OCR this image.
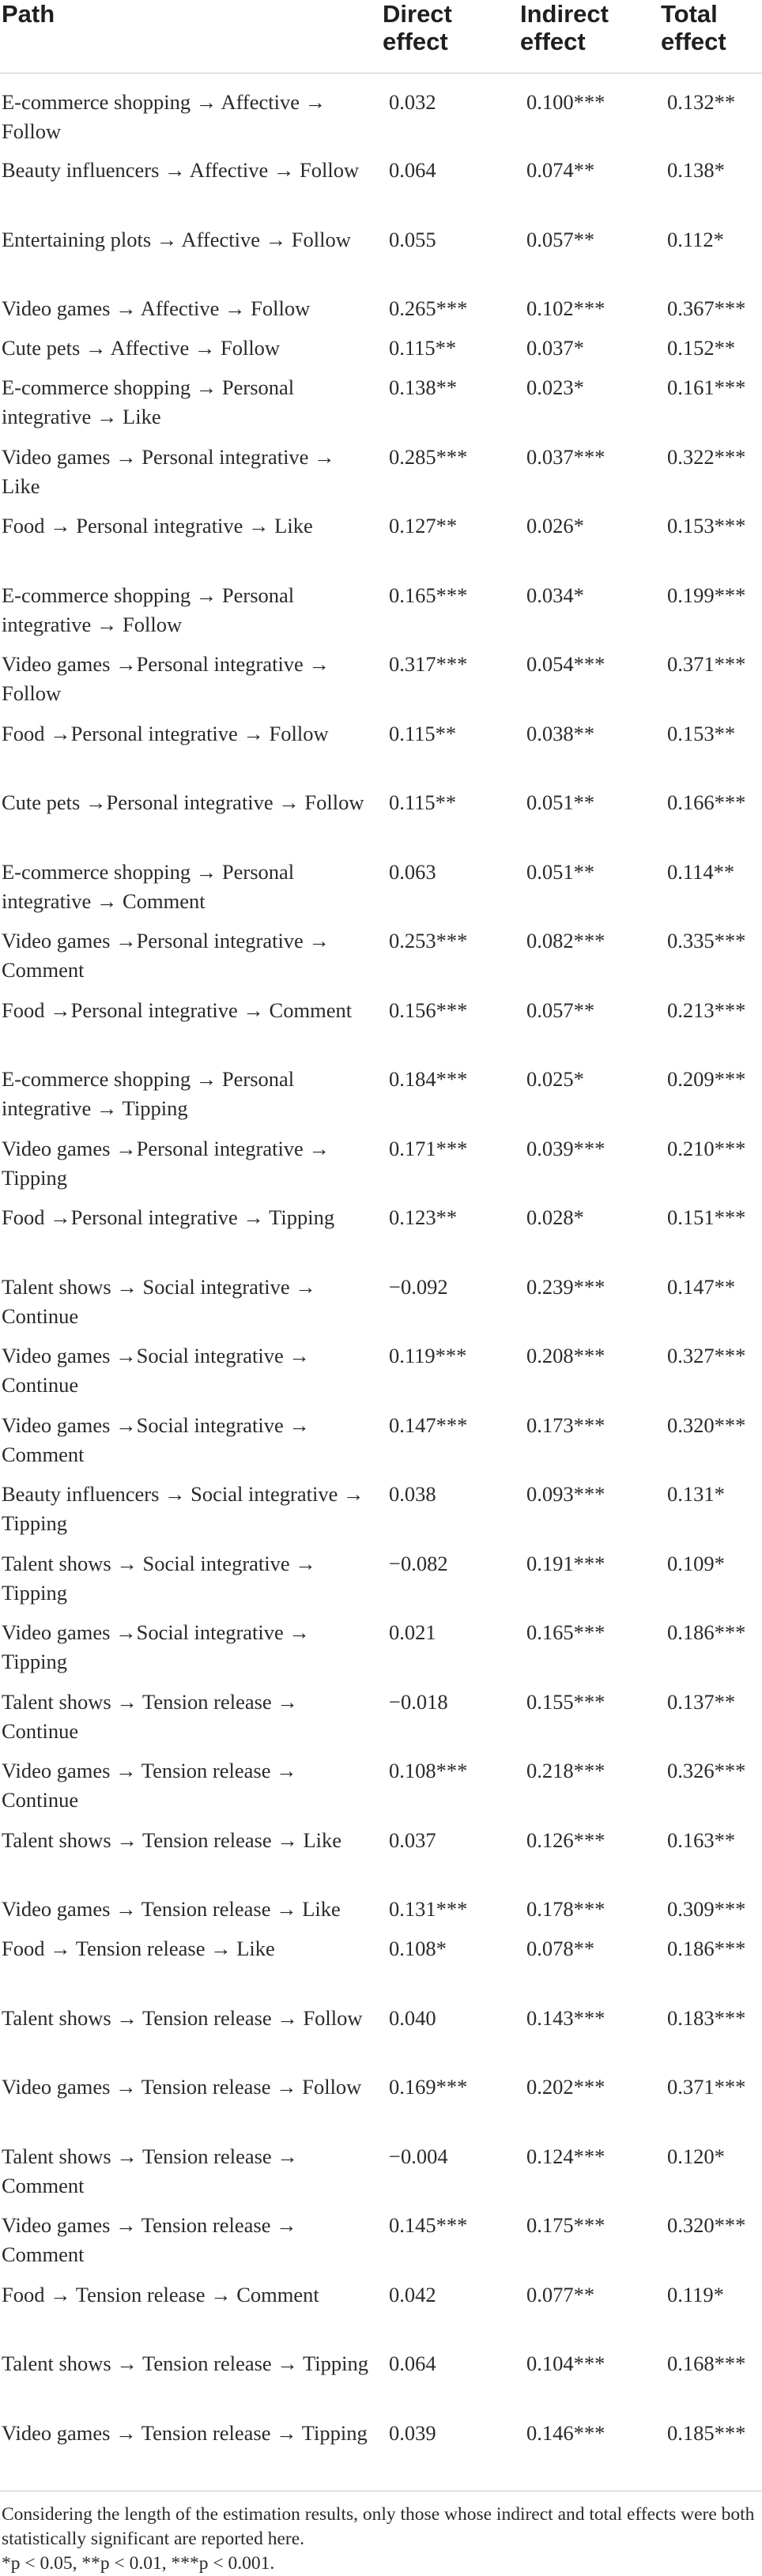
Path	Direct effect	Indirect effect	Total effect
E-commerce shopping → Affective → Follow	0.032	0.100***	0.132**
Beauty influencers → Affective → Follow	0.064	0.074**	0.138*
Entertaining plots → Affective → Follow	0.055	0.057**	0.112*
Video games → Affective → Follow	0.265***	0.102***	0.367***
Cute pets → Affective → Follow	0.115**	0.037*	0.152**
E-commerce shopping → Personal integrative → Like	0.138**	0.023*	0.161***
Video games → Personal integrative → Like	0.285***	0.037***	0.322***
Food → Personal integrative → Like	0.127**	0.026*	0.153***
E-commerce shopping → Personal integrative → Follow	0.165***	0.034*	0.199***
Video games →Personal integrative → Follow	0.317***	0.054***	0.371***
Food →Personal integrative → Follow	0.115**	0.038**	0.153**
Cute pets →Personal integrative → Follow	0.115**	0.051**	0.166***
E-commerce shopping → Personal integrative → Comment	0.063	0.051**	0.114**
Video games →Personal integrative → Comment	0.253***	0.082***	0.335***
Food →Personal integrative → Comment	0.156***	0.057**	0.213***
E-commerce shopping → Personal integrative → Tipping	0.184***	0.025*	0.209***
Video games →Personal integrative → Tipping	0.171***	0.039***	0.210***
Food →Personal integrative → Tipping	0.123**	0.028*	0.151***
Talent shows → Social integrative → Continue	−0.092	0.239***	0.147**
Video games →Social integrative → Continue	0.119***	0.208***	0.327***
Video games →Social integrative → Comment	0.147***	0.173***	0.320***
Beauty influencers → Social integrative → Tipping	0.038	0.093***	0.131*
Talent shows → Social integrative → Tipping	−0.082	0.191***	0.109*
Video games →Social integrative → Tipping	0.021	0.165***	0.186***
Talent shows → Tension release → Continue	−0.018	0.155***	0.137**
Video games → Tension release → Continue	0.108***	0.218***	0.326***
Talent shows → Tension release → Like	0.037	0.126***	0.163**
Video games → Tension release → Like	0.131***	0.178***	0.309***
Food → Tension release → Like	0.108*	0.078**	0.186***
Talent shows → Tension release → Follow	0.040	0.143***	0.183***
Video games → Tension release → Follow	0.169***	0.202***	0.371***
Talent shows → Tension release → Comment	−0.004	0.124***	0.120*
Video games → Tension release → Comment	0.145***	0.175***	0.320***
Food → Tension release → Comment	0.042	0.077**	0.119*
Talent shows → Tension release → Tipping	0.064	0.104***	0.168***
Video games → Tension release → Tipping	0.039	0.146***	0.185***

Considering the length of the estimation results, only those whose indirect and total effects were both statistically significant are reported here.

*p < 0.05, **p < 0.01, ***p < 0.001.
